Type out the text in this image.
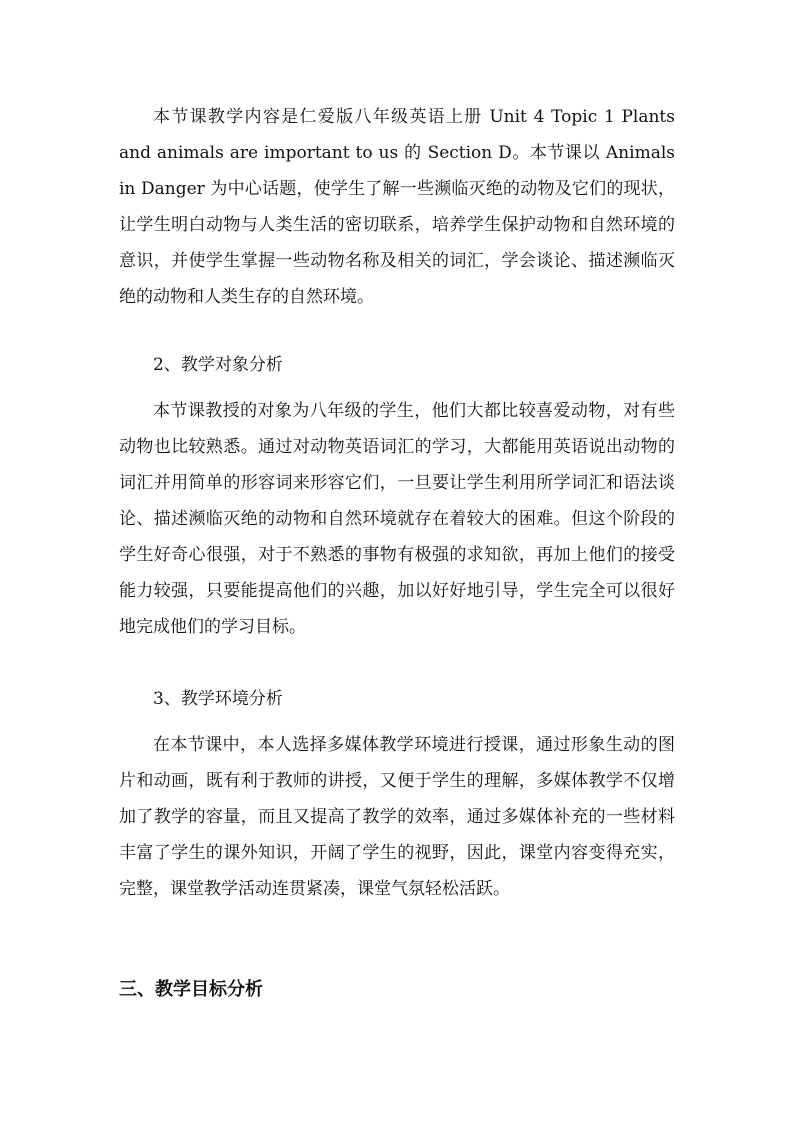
本节课教学内容是仁爱版八年级英语上册 Unit 4 Topic 1 Plants and animals are important to us 的 Section D。本节课以 Animals in Danger 为中心话题，使学生了解一些濒临灭绝的动物及它们的现状，让学生明白动物与人类生活的密切联系，培养学生保护动物和自然环境的意识，并使学生掌握一些动物名称及相关的词汇，学会谈论、描述濒临灭绝的动物和人类生存的自然环境。

2、教学对象分析

本节课教授的对象为八年级的学生，他们大都比较喜爱动物，对有些动物也比较熟悉。通过对动物英语词汇的学习，大都能用英语说出动物的词汇并用简单的形容词来形容它们，一旦要让学生利用所学词汇和语法谈论、描述濒临灭绝的动物和自然环境就存在着较大的困难。但这个阶段的学生好奇心很强，对于不熟悉的事物有极强的求知欲，再加上他们的接受能力较强，只要能提高他们的兴趣，加以好好地引导，学生完全可以很好地完成他们的学习目标。

3、教学环境分析

在本节课中，本人选择多媒体教学环境进行授课，通过形象生动的图片和动画，既有利于教师的讲授，又便于学生的理解，多媒体教学不仅增加了教学的容量，而且又提高了教学的效率，通过多媒体补充的一些材料丰富了学生的课外知识，开阔了学生的视野，因此，课堂内容变得充实，完整，课堂教学活动连贯紧凑，课堂气氛轻松活跃。

三、教学目标分析
